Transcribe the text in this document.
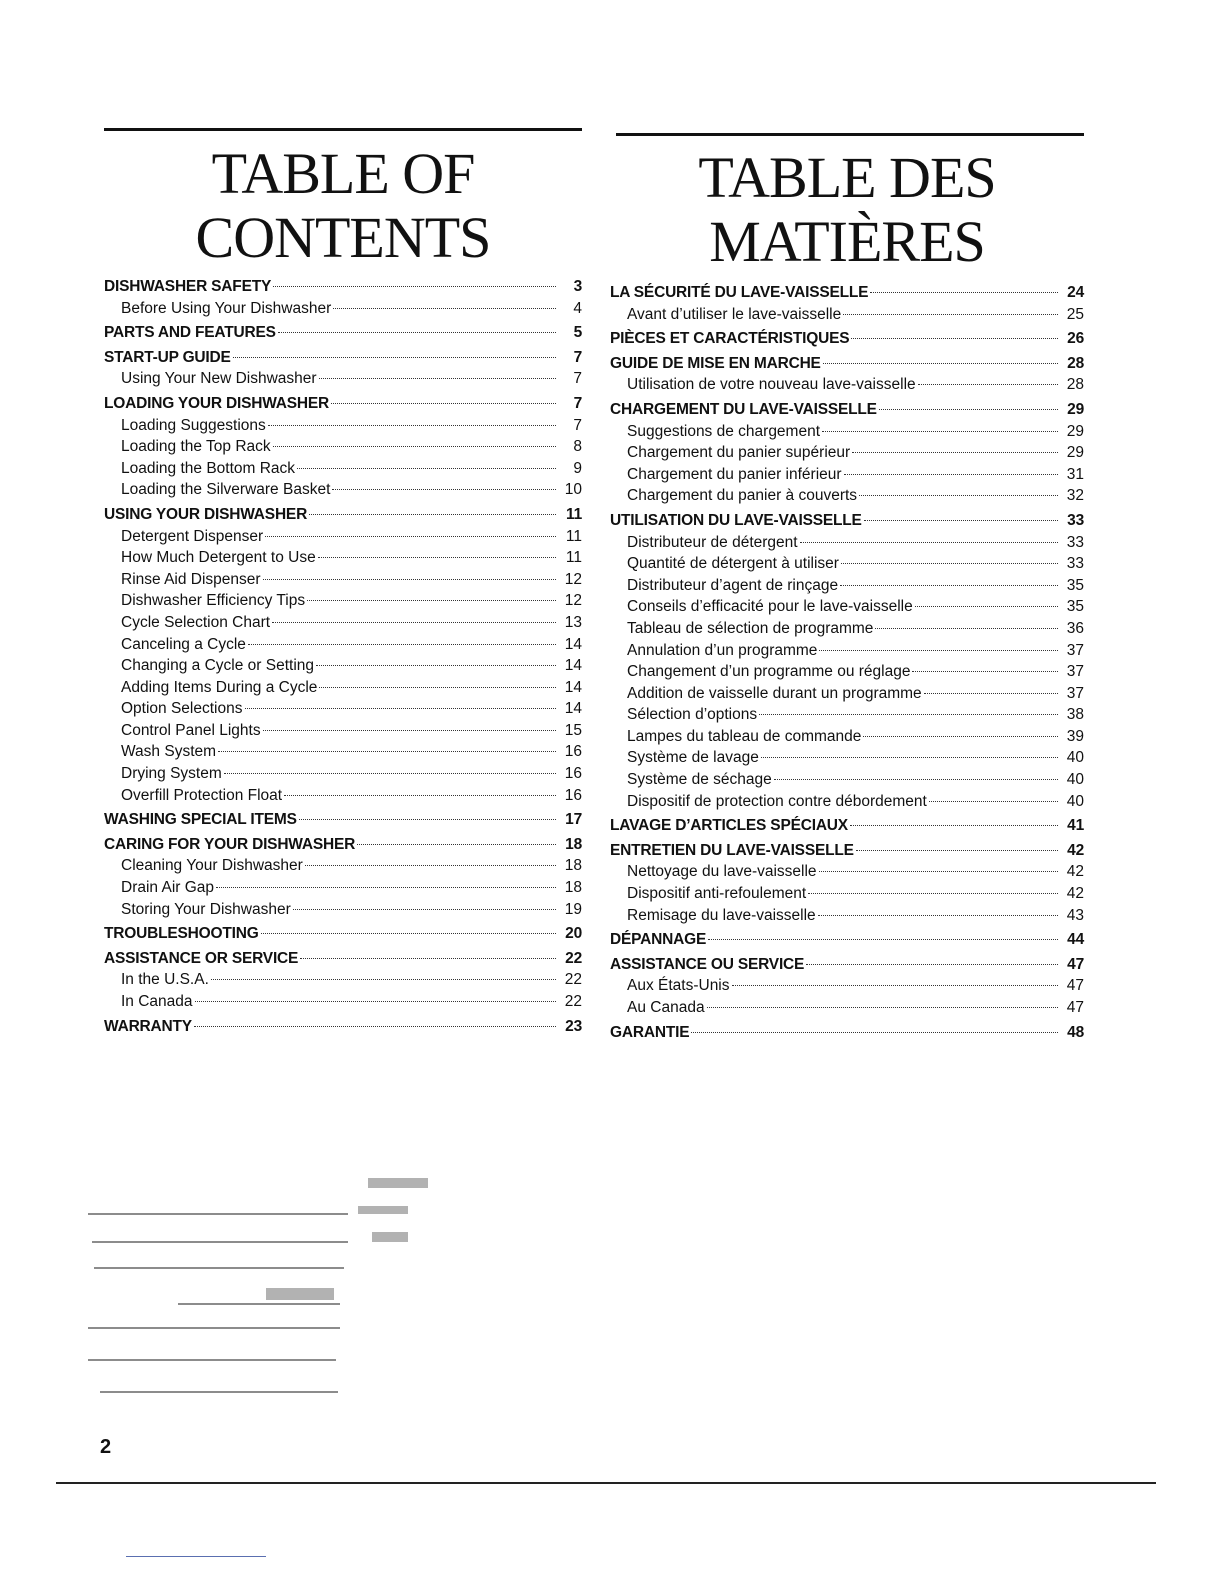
TABLE OF
CONTENTS
DISHWASHER SAFETY	3
Before Using Your Dishwasher	4
PARTS AND FEATURES	5
START-UP GUIDE	7
Using Your New Dishwasher	7
LOADING YOUR DISHWASHER	7
Loading Suggestions	7
Loading the Top Rack	8
Loading the Bottom Rack	9
Loading the Silverware Basket	10
USING YOUR DISHWASHER	11
Detergent Dispenser	11
How Much Detergent to Use	11
Rinse Aid Dispenser	12
Dishwasher Efficiency Tips	12
Cycle Selection Chart	13
Canceling a Cycle	14
Changing a Cycle or Setting	14
Adding Items During a Cycle	14
Option Selections	14
Control Panel Lights	15
Wash System	16
Drying System	16
Overfill Protection Float	16
WASHING SPECIAL ITEMS	17
CARING FOR YOUR DISHWASHER	18
Cleaning Your Dishwasher	18
Drain Air Gap	18
Storing Your Dishwasher	19
TROUBLESHOOTING	20
ASSISTANCE OR SERVICE	22
In the U.S.A.	22
In Canada	22
WARRANTY	23
TABLE DES
MATIÈRES
LA SÉCURITÉ DU LAVE-VAISSELLE	24
Avant d’utiliser le lave-vaisselle	25
PIÈCES ET CARACTÉRISTIQUES	26
GUIDE DE MISE EN MARCHE	28
Utilisation de votre nouveau lave-vaisselle	28
CHARGEMENT DU LAVE-VAISSELLE	29
Suggestions de chargement	29
Chargement du panier supérieur	29
Chargement du panier inférieur	31
Chargement du panier à couverts	32
UTILISATION DU LAVE-VAISSELLE	33
Distributeur de détergent	33
Quantité de détergent à utiliser	33
Distributeur d’agent de rinçage	35
Conseils d’efficacité pour le lave-vaisselle	35
Tableau de sélection de programme	36
Annulation d’un programme	37
Changement d’un programme ou réglage	37
Addition de vaisselle durant un programme	37
Sélection d’options	38
Lampes du tableau de commande	39
Système de lavage	40
Système de séchage	40
Dispositif de protection contre débordement	40
LAVAGE D’ARTICLES SPÉCIAUX	41
ENTRETIEN DU LAVE-VAISSELLE	42
Nettoyage du lave-vaisselle	42
Dispositif anti-refoulement	42
Remisage du lave-vaisselle	43
DÉPANNAGE	44
ASSISTANCE OU SERVICE	47
Aux États-Unis	47
Au Canada	47
GARANTIE	48

2
